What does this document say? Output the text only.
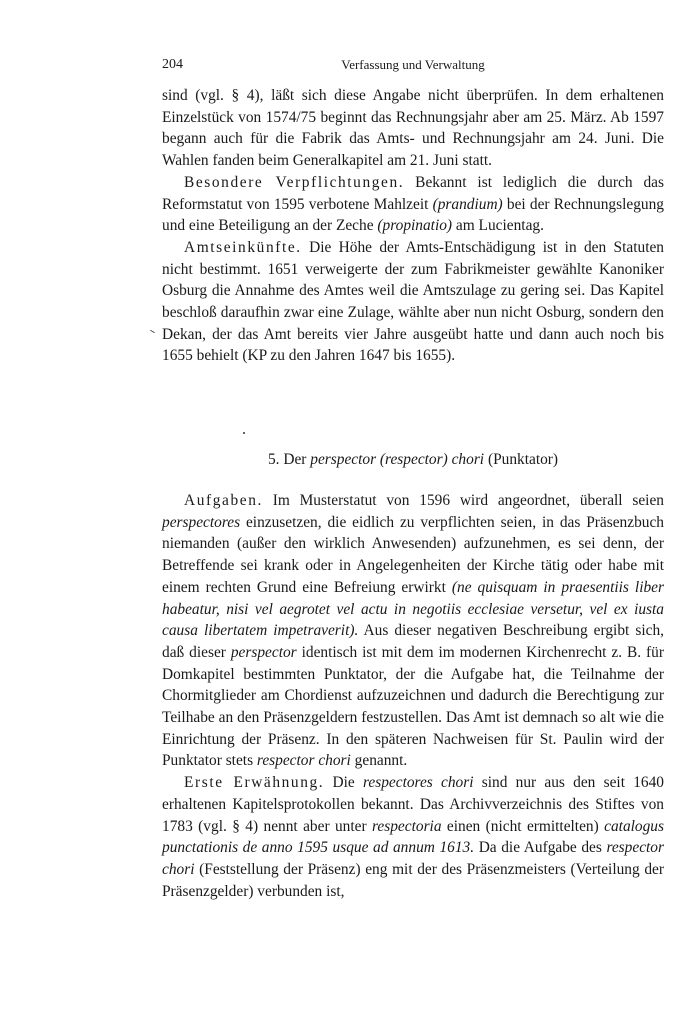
204	Verfassung und Verwaltung

sind (vgl. § 4), läßt sich diese Angabe nicht überprüfen. In dem erhaltenen Einzelstück von 1574/75 beginnt das Rechnungsjahr aber am 25. März. Ab 1597 begann auch für die Fabrik das Amts- und Rechnungsjahr am 24. Juni. Die Wahlen fanden beim Generalkapitel am 21. Juni statt.

Besondere Verpflichtungen. Bekannt ist lediglich die durch das Reformstatut von 1595 verbotene Mahlzeit (prandium) bei der Rechnungslegung und eine Beteiligung an der Zeche (propinatio) am Lucientag.

Amtseinkünfte. Die Höhe der Amts-Entschädigung ist in den Statuten nicht bestimmt. 1651 verweigerte der zum Fabrikmeister gewählte Kanoniker Osburg die Annahme des Amtes weil die Amtszulage zu gering sei. Das Kapitel beschloß daraufhin zwar eine Zulage, wählte aber nun nicht Osburg, sondern den Dekan, der das Amt bereits vier Jahre ausgeübt hatte und dann auch noch bis 1655 behielt (KP zu den Jahren 1647 bis 1655).

5. Der perspector (respector) chori (Punktator)

Aufgaben. Im Musterstatut von 1596 wird angeordnet, überall seien perspectores einzusetzen, die eidlich zu verpflichten seien, in das Präsenzbuch niemanden (außer den wirklich Anwesenden) aufzunehmen, es sei denn, der Betreffende sei krank oder in Angelegenheiten der Kirche tätig oder habe mit einem rechten Grund eine Befreiung erwirkt (ne quisquam in praesentiis liber habeatur, nisi vel aegrotet vel actu in negotiis ecclesiae versetur, vel ex iusta causa libertatem impetraverit). Aus dieser negativen Beschreibung ergibt sich, daß dieser perspector identisch ist mit dem im modernen Kirchenrecht z. B. für Domkapitel bestimmten Punktator, der die Aufgabe hat, die Teilnahme der Chormitglieder am Chordienst aufzuzeichnen und dadurch die Berechtigung zur Teilhabe an den Präsenzgeldern festzustellen. Das Amt ist demnach so alt wie die Einrichtung der Präsenz. In den späteren Nachweisen für St. Paulin wird der Punktator stets respector chori genannt.

Erste Erwähnung. Die respectores chori sind nur aus den seit 1640 erhaltenen Kapitelsprotokollen bekannt. Das Archivverzeichnis des Stiftes von 1783 (vgl. § 4) nennt aber unter respectoria einen (nicht ermittelten) catalogus punctationis de anno 1595 usque ad annum 1613. Da die Aufgabe des respector chori (Feststellung der Präsenz) eng mit der des Präsenzmeisters (Verteilung der Präsenzgelder) verbunden ist,
